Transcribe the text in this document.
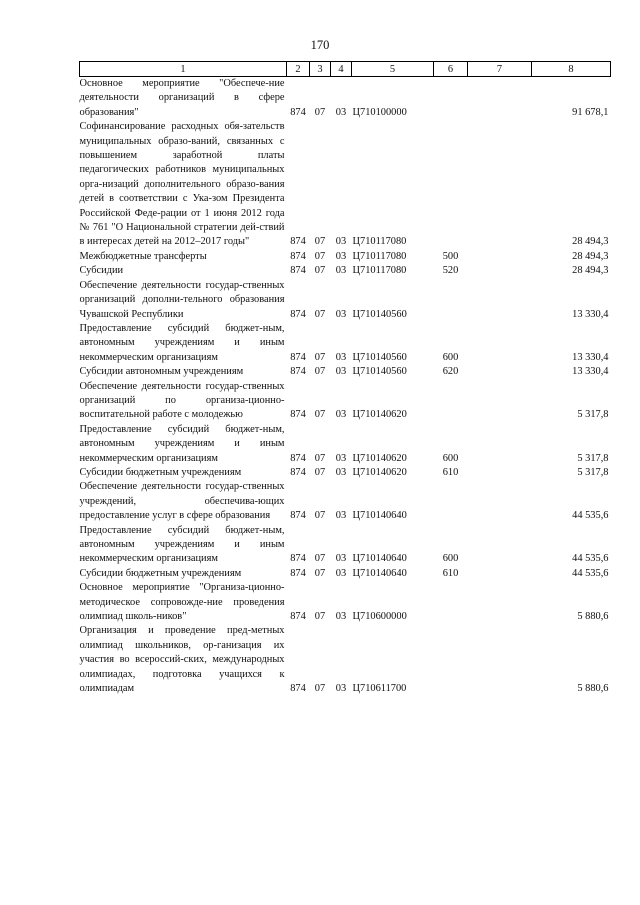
170
1	2	3	4	5	6	7	8
Основное мероприятие "Обеспече-ние деятельности организаций в сфере образования"	874	07	03	Ц710100000			91 678,1
Софинансирование расходных обя-зательств муниципальных образо-ваний, связанных с повышением заработной платы педагогических работников муниципальных орга-низаций дополнительного образо-вания детей в соответствии с Ука-зом Президента Российской Феде-рации от 1 июня 2012 года № 761 "О Национальной стратегии дей-ствий в интересах детей на 2012–2017 годы"	874	07	03	Ц710117080			28 494,3
Межбюджетные трансферты	874	07	03	Ц710117080	500		28 494,3
Субсидии	874	07	03	Ц710117080	520		28 494,3
Обеспечение деятельности государ-ственных организаций дополни-тельного образования Чувашской Республики	874	07	03	Ц710140560			13 330,4
Предоставление субсидий бюджет-ным, автономным учреждениям и иным некоммерческим организациям	874	07	03	Ц710140560	600		13 330,4
Субсидии автономным учреждениям	874	07	03	Ц710140560	620		13 330,4
Обеспечение деятельности государ-ственных организаций по организа-ционно-воспитательной работе с молодежью	874	07	03	Ц710140620			5 317,8
Предоставление субсидий бюджет-ным, автономным учреждениям и иным некоммерческим организациям	874	07	03	Ц710140620	600		5 317,8
Субсидии бюджетным учреждениям	874	07	03	Ц710140620	610		5 317,8
Обеспечение деятельности государ-ственных учреждений, обеспечива-ющих предоставление услуг в сфере образования	874	07	03	Ц710140640			44 535,6
Предоставление субсидий бюджет-ным, автономным учреждениям и иным некоммерческим организациям	874	07	03	Ц710140640	600		44 535,6
Субсидии бюджетным учреждениям	874	07	03	Ц710140640	610		44 535,6
Основное мероприятие "Организа-ционно-методическое сопровожде-ние проведения олимпиад школь-ников"	874	07	03	Ц710600000			5 880,6
Организация и проведение пред-метных олимпиад школьников, ор-ганизация их участия во всероссий-ских, международных олимпиадах, подготовка учащихся к олимпиадам	874	07	03	Ц710611700			5 880,6
